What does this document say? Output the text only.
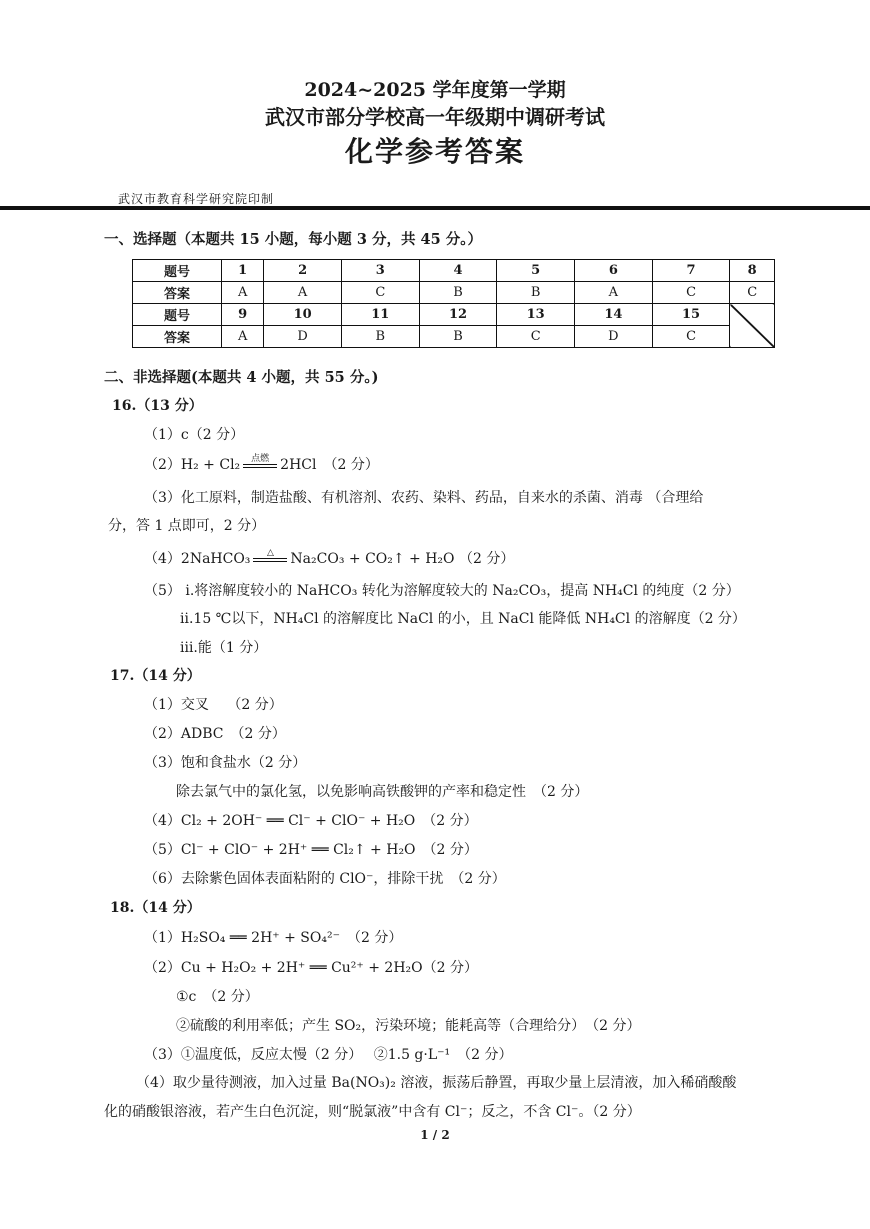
2024~2025 学年度第一学期
武汉市部分学校高一年级期中调研考试
化学参考答案
武汉市教育科学研究院印制
一、选择题（本题共 15 小题，每小题 3 分，共 45 分。）
题号	1	2	3	4	5	6	7	8
答案	A	A	C	B	B	A	C	C
题号	9	10	11	12	13	14	15	
答案	A	D	B	B	C	D	C	
二、非选择题(本题共 4 小题，共 55 分。)
16.（13 分）
（1）c（2 分）
（2）H₂ + Cl₂	点燃 2HCl　（2 分）
（3）化工原料，制造盐酸、有机溶剂、农药、染料、药品，自来水的杀菌、消毒 （合理给
分，答 1 点即可，2 分）
（4）2NaHCO₃	△	Na₂CO₃ + CO₂↑ + H₂O （2 分）
（5） ⅰ.将溶解度较小的 NaHCO₃ 转化为溶解度较大的 Na₂CO₃，提高 NH₄Cl 的纯度（2 分）
ⅱ.15 ℃以下，NH₄Cl 的溶解度比 NaCl 的小，且 NaCl 能降低 NH₄Cl 的溶解度（2 分）
ⅲ.能（1 分）
17.（14 分）
（1）交叉　 （2 分）
（2）ADBC　（2 分）
（3）饱和食盐水（2 分）
除去氯气中的氯化氢，以免影响高铁酸钾的产率和稳定性　（2 分）
（4）Cl₂ + 2OH⁻ ══ Cl⁻ + ClO⁻ + H₂O　（2 分）
（5）Cl⁻ + ClO⁻ + 2H⁺ ══ Cl₂↑ + H₂O　（2 分）
（6）去除紫色固体表面粘附的 ClO⁻，排除干扰　（2 分）
18.（14 分）
（1）H₂SO₄ ══ 2H⁺ + SO₄²⁻　（2 分）
（2）Cu + H₂O₂ + 2H⁺ ══ Cu²⁺ + 2H₂O（2 分）
①c　（2 分）
②硫酸的利用率低；产生 SO₂，污染环境；能耗高等（合理给分）　（2 分）
（3）①温度低，反应太慢（2 分）　 ②1.5 g·L⁻¹　（2 分）
（4）取少量待测液，加入过量 Ba(NO₃)₂ 溶液，振荡后静置，再取少量上层清液，加入稀硝酸酸
化的硝酸银溶液，若产生白色沉淀，则“脱氯液”中含有 Cl⁻；反之，不含 Cl⁻。（2 分）
1 / 2
